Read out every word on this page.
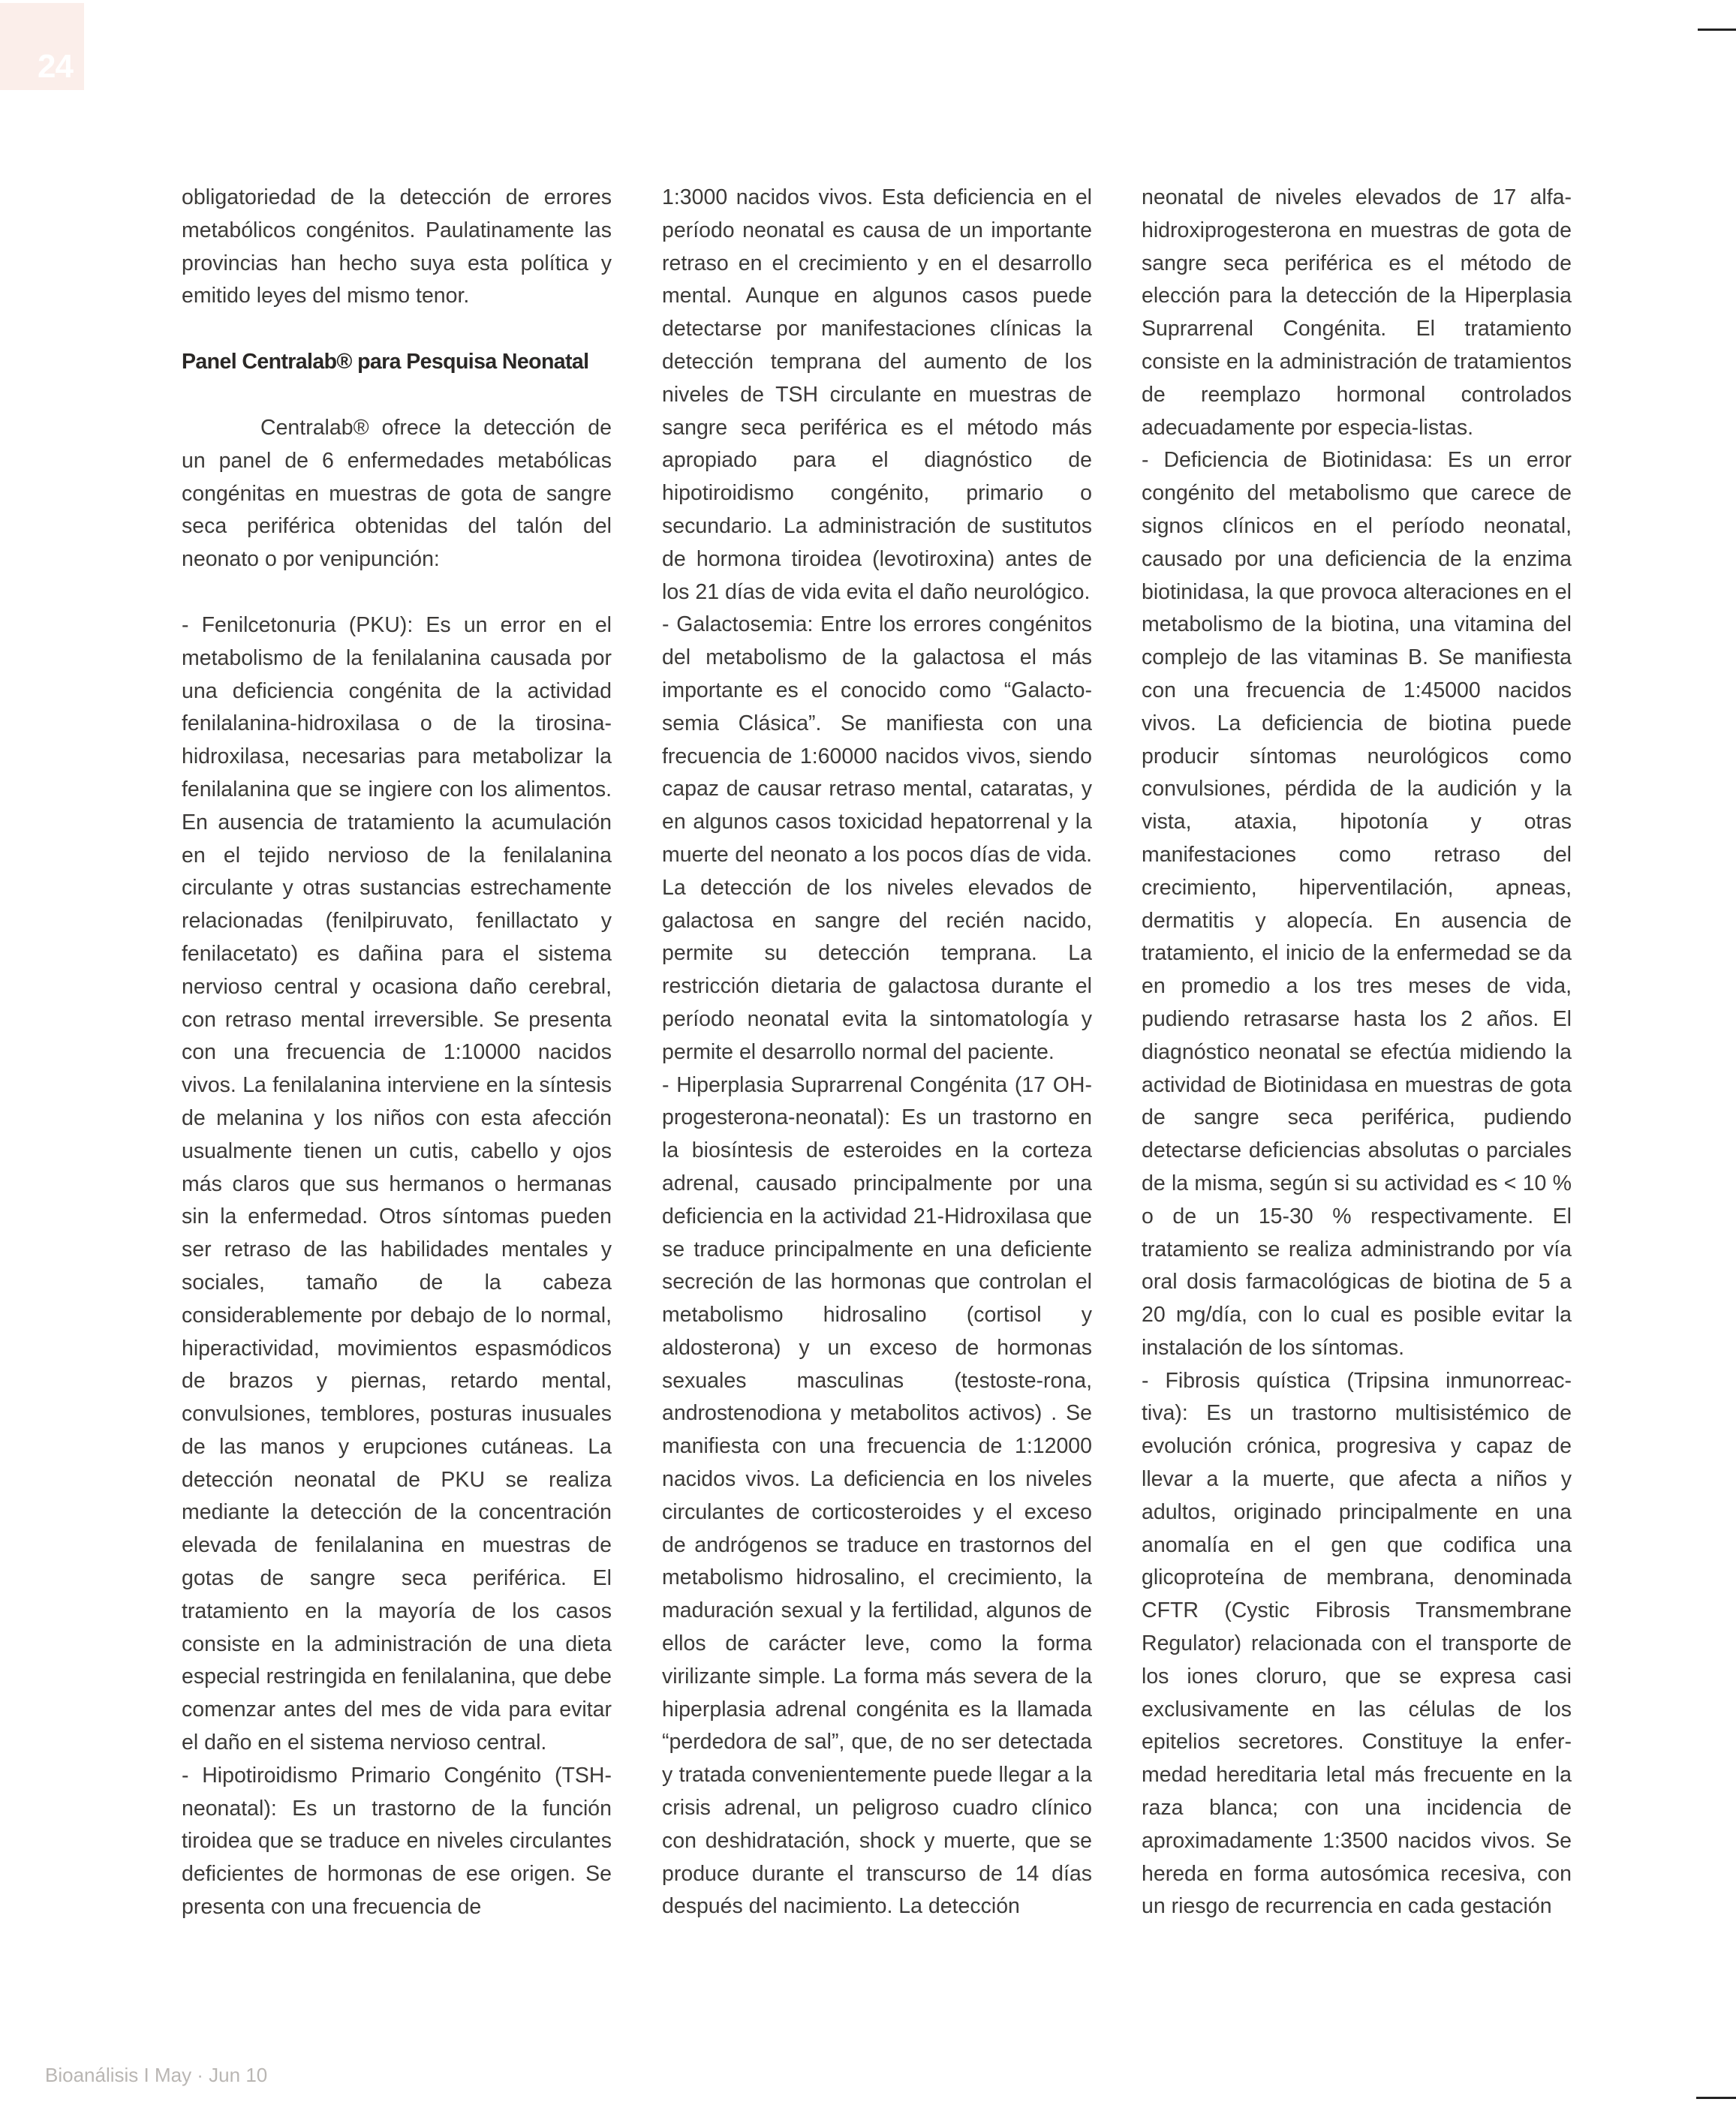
24

obligatoriedad de la detección de errores metabólicos congénitos. Paulatinamente las provincias han hecho suya esta política y emitido leyes del mismo tenor.

Panel Centralab® para Pesquisa Neonatal

Centralab® ofrece la detección de un panel de 6 enfermedades metabólicas congénitas en muestras de gota de sangre seca periférica obtenidas del talón del neonato o por venipunción:

- Fenilcetonuria (PKU): Es un error en el metabolismo de la fenilalanina causada por una deficiencia congénita de la actividad fenilalanina-hidroxilasa o de la tirosina-hidroxilasa, necesarias para metabolizar la fenilalanina que se ingiere con los alimentos. En ausencia de tratamiento la acumulación en el tejido nervioso de la fenilalanina circulante y otras sustancias estrechamente relacionadas (fenilpiruvato, fenillactato y fenilacetato) es dañina para el sistema nervioso central y ocasiona daño cerebral, con retraso mental irreversible. Se presenta con una frecuencia de 1:10000 nacidos vivos. La fenilalanina interviene en la síntesis de melanina y los niños con esta afección usualmente tienen un cutis, cabello y ojos más claros que sus hermanos o hermanas sin la enfermedad. Otros síntomas pueden ser retraso de las habilidades mentales y sociales, tamaño de la cabeza considerablemente por debajo de lo normal, hiperactividad, movimientos espasmódicos de brazos y piernas, retardo mental, convulsiones, temblores, posturas inusuales de las manos y erupciones cutáneas. La detección neonatal de PKU se realiza mediante la detección de la concentración elevada de fenilalanina en muestras de gotas de sangre seca periférica. El tratamiento en la mayoría de los casos consiste en la administración de una dieta especial restringida en fenilalanina, que debe comenzar antes del mes de vida para evitar el daño en el sistema nervioso central.

- Hipotiroidismo Primario Congénito (TSH-neonatal): Es un trastorno de la función tiroidea que se traduce en niveles circulantes deficientes de hormonas de ese origen. Se presenta con una frecuencia de

1:3000 nacidos vivos. Esta deficiencia en el período neonatal es causa de un importante retraso en el crecimiento y en el desarrollo mental. Aunque en algunos casos puede detectarse por manifestaciones clínicas la detección temprana del aumento de los niveles de TSH circulante en muestras de sangre seca periférica es el método más apropiado para el diagnóstico de hipotiroidismo congénito, primario o secundario. La administración de sustitutos de hormona tiroidea (levotiroxina) antes de los 21 días de vida evita el daño neurológico.

- Galactosemia: Entre los errores congénitos del metabolismo de la galactosa el más importante es el conocido como “Galacto-semia Clásica”. Se manifiesta con una frecuencia de 1:60000 nacidos vivos, siendo capaz de causar retraso mental, cataratas, y en algunos casos toxicidad hepatorrenal y la muerte del neonato a los pocos días de vida. La detección de los niveles elevados de galactosa en sangre del recién nacido, permite su detección temprana. La restricción dietaria de galactosa durante el período neonatal evita la sintomatología y permite el desarrollo normal del paciente.

- Hiperplasia Suprarrenal Congénita (17 OH-progesterona-neonatal): Es un trastorno en la biosíntesis de esteroides en la corteza adrenal, causado principalmente por una deficiencia en la actividad 21-Hidroxilasa que se traduce principalmente en una deficiente secreción de las hormonas que controlan el metabolismo hidrosalino (cortisol y aldosterona) y un exceso de hormonas sexuales masculinas (testoste-rona, androstenodiona y metabolitos activos) . Se manifiesta con una frecuencia de 1:12000 nacidos vivos. La deficiencia en los niveles circulantes de corticosteroides y el exceso de andrógenos se traduce en trastornos del metabolismo hidrosalino, el crecimiento, la maduración sexual y la fertilidad, algunos de ellos de carácter leve, como la forma virilizante simple. La forma más severa de la hiperplasia adrenal congénita es la llamada “perdedora de sal”, que, de no ser detectada y tratada convenientemente puede llegar a la crisis adrenal, un peligroso cuadro clínico con deshidratación, shock y muerte, que se produce durante el transcurso de 14 días después del nacimiento. La detección

neonatal de niveles elevados de 17 alfa-hidroxiprogesterona en muestras de gota de sangre seca periférica es el método de elección para la detección de la Hiperplasia Suprarrenal Congénita. El tratamiento consiste en la administración de tratamientos de reemplazo hormonal controlados adecuadamente por especia-listas.

- Deficiencia de Biotinidasa: Es un error congénito del metabolismo que carece de signos clínicos en el período neonatal, causado por una deficiencia de la enzima biotinidasa, la que provoca alteraciones en el metabolismo de la biotina, una vitamina del complejo de las vitaminas B. Se manifiesta con una frecuencia de 1:45000 nacidos vivos. La deficiencia de biotina puede producir síntomas neurológicos como convulsiones, pérdida de la audición y la vista, ataxia, hipotonía y otras manifestaciones como retraso del crecimiento, hiperventilación, apneas, dermatitis y alopecía. En ausencia de tratamiento, el inicio de la enfermedad se da en promedio a los tres meses de vida, pudiendo retrasarse hasta los 2 años. El diagnóstico neonatal se efectúa midiendo la actividad de Biotinidasa en muestras de gota de sangre seca periférica, pudiendo detectarse deficiencias absolutas o parciales de la misma, según si su actividad es < 10 % o de un 15-30 % respectivamente. El tratamiento se realiza administrando por vía oral dosis farmacológicas de biotina de 5 a 20 mg/día, con lo cual es posible evitar la instalación de los síntomas.

- Fibrosis quística (Tripsina inmunorreac-tiva): Es un trastorno multisistémico de evolución crónica, progresiva y capaz de llevar a la muerte, que afecta a niños y adultos, originado principalmente en una anomalía en el gen que codifica una glicoproteína de membrana, denominada CFTR (Cystic Fibrosis Transmembrane Regulator) relacionada con el transporte de los iones cloruro, que se expresa casi exclusivamente en las células de los epitelios secretores. Constituye la enfer-medad hereditaria letal más frecuente en la raza blanca; con una incidencia de aproximadamente 1:3500 nacidos vivos. Se hereda en forma autosómica recesiva, con un riesgo de recurrencia en cada gestación

Bioanálisis I May · Jun 10
